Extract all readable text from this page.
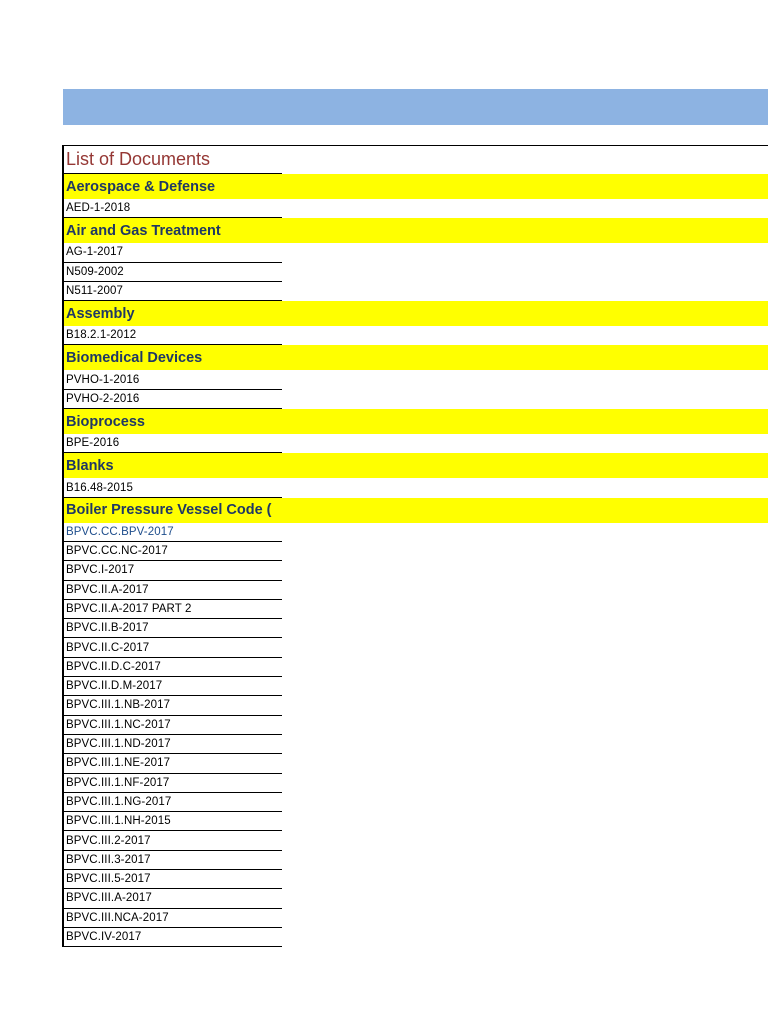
List of Documents
Aerospace & Defense
AED-1-2018
Air and Gas Treatment
AG-1-2017
N509-2002
N511-2007
Assembly
B18.2.1-2012
Biomedical Devices
PVHO-1-2016
PVHO-2-2016
Bioprocess
BPE-2016
Blanks
B16.48-2015
Boiler Pressure Vessel Code (
BPVC.CC.BPV-2017
BPVC.CC.NC-2017
BPVC.I-2017
BPVC.II.A-2017
BPVC.II.A-2017 PART 2
BPVC.II.B-2017
BPVC.II.C-2017
BPVC.II.D.C-2017
BPVC.II.D.M-2017
BPVC.III.1.NB-2017
BPVC.III.1.NC-2017
BPVC.III.1.ND-2017
BPVC.III.1.NE-2017
BPVC.III.1.NF-2017
BPVC.III.1.NG-2017
BPVC.III.1.NH-2015
BPVC.III.2-2017
BPVC.III.3-2017
BPVC.III.5-2017
BPVC.III.A-2017
BPVC.III.NCA-2017
BPVC.IV-2017
